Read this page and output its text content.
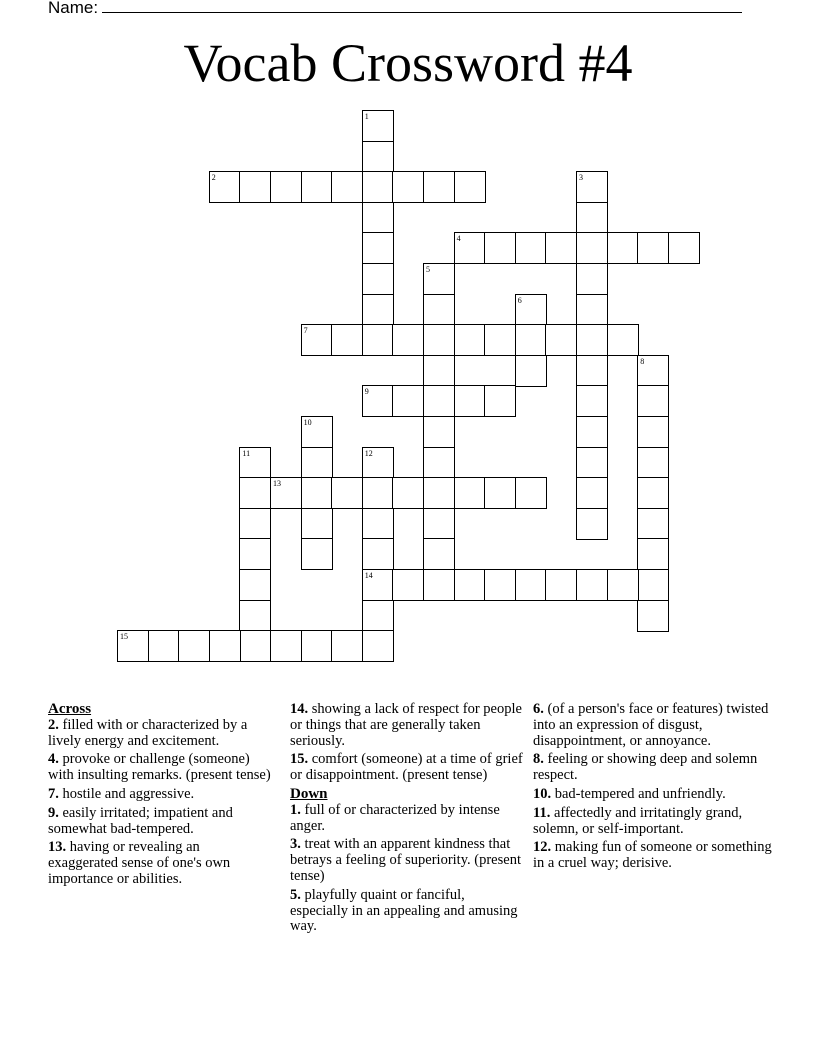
Name:
Vocab Crossword #4
1
2	3
4
5
6
7
8
9
10
11	12
14
13
15
Across
2. filled with or characterized by a lively energy and excitement.
4. provoke or challenge (someone) with insulting remarks. (present tense)
7. hostile and aggressive.
9. easily irritated; impatient and somewhat bad-tempered.
13. having or revealing an exaggerated sense of one's own importance or abilities.
14. showing a lack of respect for people or things that are generally taken seriously.
15. comfort (someone) at a time of grief or disappointment. (present tense)
Down
1. full of or characterized by intense anger.
3. treat with an apparent kindness that betrays a feeling of superiority. (present tense)
5. playfully quaint or fanciful, especially in an appealing and amusing way.
6. (of a person's face or features) twisted into an expression of disgust, disappointment, or annoyance.
8. feeling or showing deep and solemn respect.
10. bad-tempered and unfriendly.
11. affectedly and irritatingly grand, solemn, or self-important.
12. making fun of someone or something in a cruel way; derisive.
